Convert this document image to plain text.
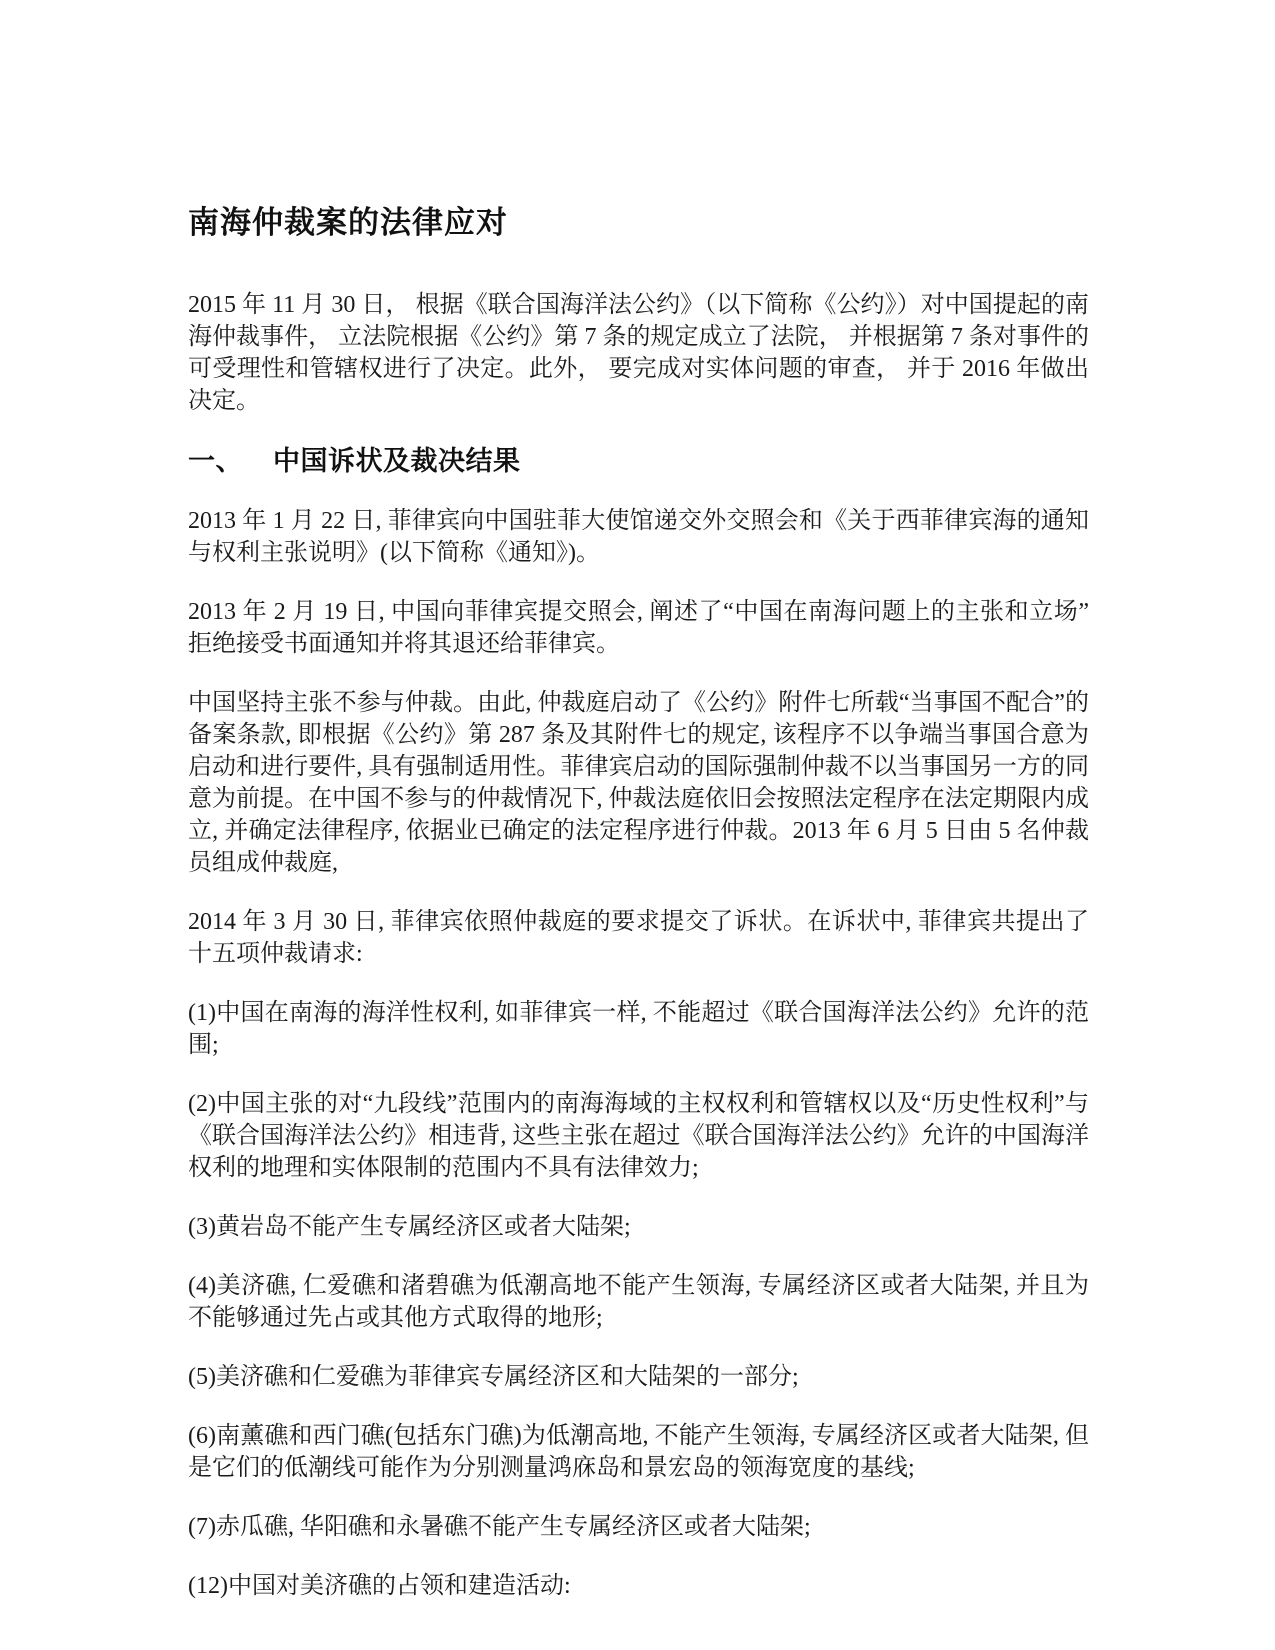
南海仲裁案的法律应对

2015 年 11 月 30 日， 根据《联合国海洋法公约》（以下简称《公约》）对中国提起的南海仲裁事件， 立法院根据《公约》第 7 条的规定成立了法院， 并根据第 7 条对事件的可受理性和管辖权进行了决定。此外， 要完成对实体问题的审查， 并于 2016 年做出决定。

一、 中国诉状及裁决结果

2013 年 1 月 22 日, 菲律宾向中国驻菲大使馆递交外交照会和《关于西菲律宾海的通知与权利主张说明》(以下简称《通知》)。

2013 年 2 月 19 日, 中国向菲律宾提交照会, 阐述了“中国在南海问题上的主张和立场”拒绝接受书面通知并将其退还给菲律宾。

中国坚持主张不参与仲裁。由此, 仲裁庭启动了《公约》附件七所载“当事国不配合”的备案条款, 即根据《公约》第 287 条及其附件七的规定, 该程序不以争端当事国合意为启动和进行要件, 具有强制适用性。菲律宾启动的国际强制仲裁不以当事国另一方的同意为前提。在中国不参与的仲裁情况下, 仲裁法庭依旧会按照法定程序在法定期限内成立, 并确定法律程序, 依据业已确定的法定程序进行仲裁。2013 年 6 月 5 日由 5 名仲裁员组成仲裁庭,

2014 年 3 月 30 日, 菲律宾依照仲裁庭的要求提交了诉状。在诉状中, 菲律宾共提出了十五项仲裁请求:

(1)中国在南海的海洋性权利, 如菲律宾一样, 不能超过《联合国海洋法公约》允许的范围;

(2)中国主张的对“九段线”范围内的南海海域的主权权利和管辖权以及“历史性权利”与《联合国海洋法公约》相违背, 这些主张在超过《联合国海洋法公约》允许的中国海洋权利的地理和实体限制的范围内不具有法律效力;

(3)黄岩岛不能产生专属经济区或者大陆架;

(4)美济礁, 仁爱礁和渚碧礁为低潮高地不能产生领海, 专属经济区或者大陆架, 并且为不能够通过先占或其他方式取得的地形;

(5)美济礁和仁爱礁为菲律宾专属经济区和大陆架的一部分;

(6)南薰礁和西门礁(包括东门礁)为低潮高地, 不能产生领海, 专属经济区或者大陆架, 但是它们的低潮线可能作为分别测量鸿庥岛和景宏岛的领海宽度的基线;

(7)赤瓜礁, 华阳礁和永暑礁不能产生专属经济区或者大陆架;

(12)中国对美济礁的占领和建造活动:
